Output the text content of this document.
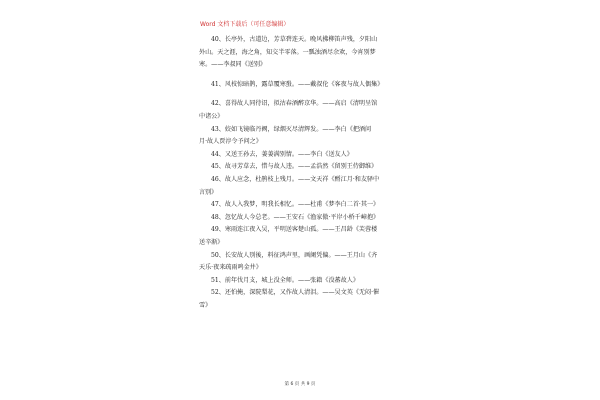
Word 文档下载后（可任意编辑）
40、长亭外，古道边，芳草碧连天。晚风拂柳笛声残，夕阳山
外山。天之涯，海之角，知交半零落。一瓢浊酒尽余欢，今宵别梦
寒。——李叔同《送别》
41、风枝惊暗鹊，露草覆寒蛩。——戴叔伦《客夜与故人偶集》
42、喜得故人同待诏，拟沽春酒醉京华。——高启《清明呈馆
中诸公》
43、姣如飞镜临丹阙，绿烟灭尽清辉发。——李白《把酒问
月·故人贾淳令予问之》
44、又送王孙去，萋萋满别情。——李白《送友人》
45、故寻芳草去，惜与故人违。——孟浩然《留别王侍御维》
46、故人应念，杜鹃枝上残月。——文天祥《酹江月·和友驿中
言别》
47、故人入我梦，明我长相忆。——杜甫《梦李白二首·其一》
48、忽忆故人今总老。——王安石《渔家傲·平岸小桥千嶂抱》
49、寒雨连江夜入吴，平明送客楚山孤。——王昌龄《芙蓉楼
送辛渐》
50、长安故人别後，料征鸿声里，画阑凭偏。——王月山《齐
天乐·夜来疏雨鸣金井》
51、前年伐月支，城上没全师。——张籍《没蕃故人》
52、还怕掩，深院梨花，又作故人清泪。——吴文英《无闷·催
雪》
第 6 页 共 9 页
